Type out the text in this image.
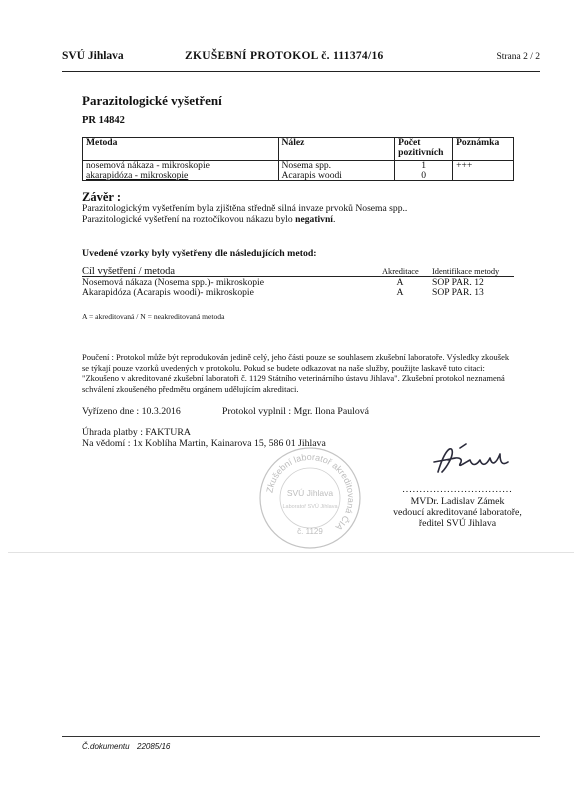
SVÚ Jihlava	ZKUŠEBNÍ PROTOKOL č. 111374/16	Strana 2 / 2
Parazitologické vyšetření
PR 14842
Metoda	Nález	Počet pozitivních	Poznámka
nosemová nákaza - mikroskopie	Nosema spp.	1	+++
akarapidóza - mikroskopie	Acarapis woodi	0	
Závěr :
Parazitologickým vyšetřením byla zjištěna středně silná invaze prvoků Nosema spp..
Parazitologické vyšetření na roztočíkovou nákazu bylo negativní.
Uvedené vzorky byly vyšetřeny dle následujících metod:
Cíl vyšetření / metoda	Akreditace Identifikace metody
Nosemová nákaza (Nosema spp.)- mikroskopie	A	SOP PAR. 12
Akarapidóza (Acarapis woodi)- mikroskopie	A	SOP PAR. 13
A = akreditovaná / N = neakreditovaná metoda
Poučení : Protokol může být reprodukován jedině celý, jeho části pouze se souhlasem zkušební laboratoře. Výsledky zkoušek se týkají pouze vzorků uvedených v protokolu. Pokud se budete odkazovat na naše služby, použijte laskavě tuto citaci: "Zkoušeno v akreditované zkušební laboratoři č. 1129 Státního veterinárního ústavu Jihlava". Zkušební protokol neznamená schválení zkoušeného předmětu orgánem udělujícím akreditaci.
Vyřízeno dne : 10.3.2016	Protokol vyplnil : Mgr. Ilona Paulová
Úhrada platby : FAKTURA
Na vědomí : 1x Koblíha Martin, Kainarova 15, 586 01 Jihlava
Zkušební laboratoř akreditovaná ČIA
SVÚ Jihlava
Laboratoř SVÚ Jihlava
č. 1129
................................
MVDr. Ladislav Zámek
vedoucí akreditované laboratoře,
ředitel SVÚ Jihlava
Č.dokumentu 22085/16
